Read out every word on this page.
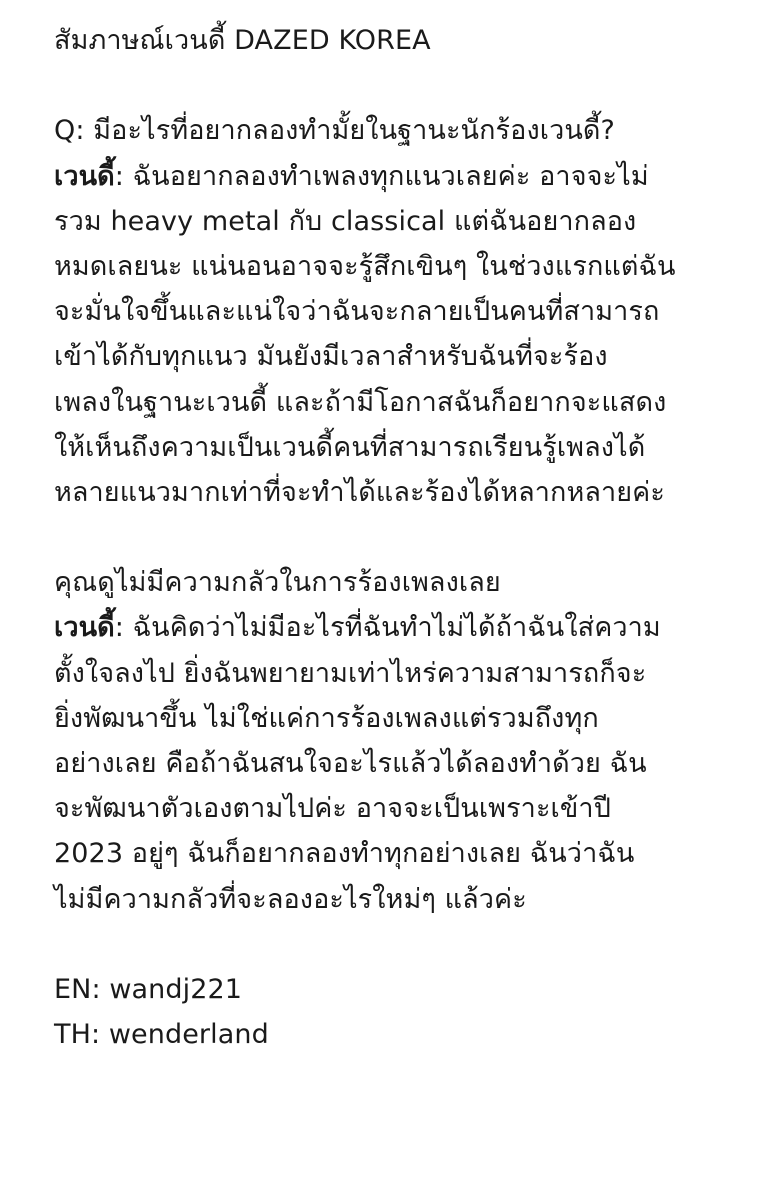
สัมภาษณ์เวนดี้ DAZED KOREA
Q: มีอะไรที่อยากลองทำมั้ยในฐานะนักร้องเวนดี้?
เวนดี้: ฉันอยากลองทำเพลงทุกแนวเลยค่ะ อาจจะไม่
รวม heavy metal กับ classical แต่ฉันอยากลอง
หมดเลยนะ แน่นอนอาจจะรู้สึกเขินๆ ในช่วงแรกแต่ฉัน
จะมั่นใจขึ้นและแน่ใจว่าฉันจะกลายเป็นคนที่สามารถ
เข้าได้กับทุกแนว มันยังมีเวลาสำหรับฉันที่จะร้อง
เพลงในฐานะเวนดี้ และถ้ามีโอกาสฉันก็อยากจะแสดง
ให้เห็นถึงความเป็นเวนดี้คนที่สามารถเรียนรู้เพลงได้
หลายแนวมากเท่าที่จะทำได้และร้องได้หลากหลายค่ะ
คุณดูไม่มีความกลัวในการร้องเพลงเลย
เวนดี้: ฉันคิดว่าไม่มีอะไรที่ฉันทำไม่ได้ถ้าฉันใส่ความ
ตั้งใจลงไป ยิ่งฉันพยายามเท่าไหร่ความสามารถก็จะ
ยิ่งพัฒนาขึ้น ไม่ใช่แค่การร้องเพลงแต่รวมถึงทุก
อย่างเลย คือถ้าฉันสนใจอะไรแล้วได้ลองทำด้วย ฉัน
จะพัฒนาตัวเองตามไปค่ะ อาจจะเป็นเพราะเข้าปี
2023 อยู่ๆ ฉันก็อยากลองทำทุกอย่างเลย ฉันว่าฉัน
ไม่มีความกลัวที่จะลองอะไรใหม่ๆ แล้วค่ะ
EN: wandj221
TH: wenderland
